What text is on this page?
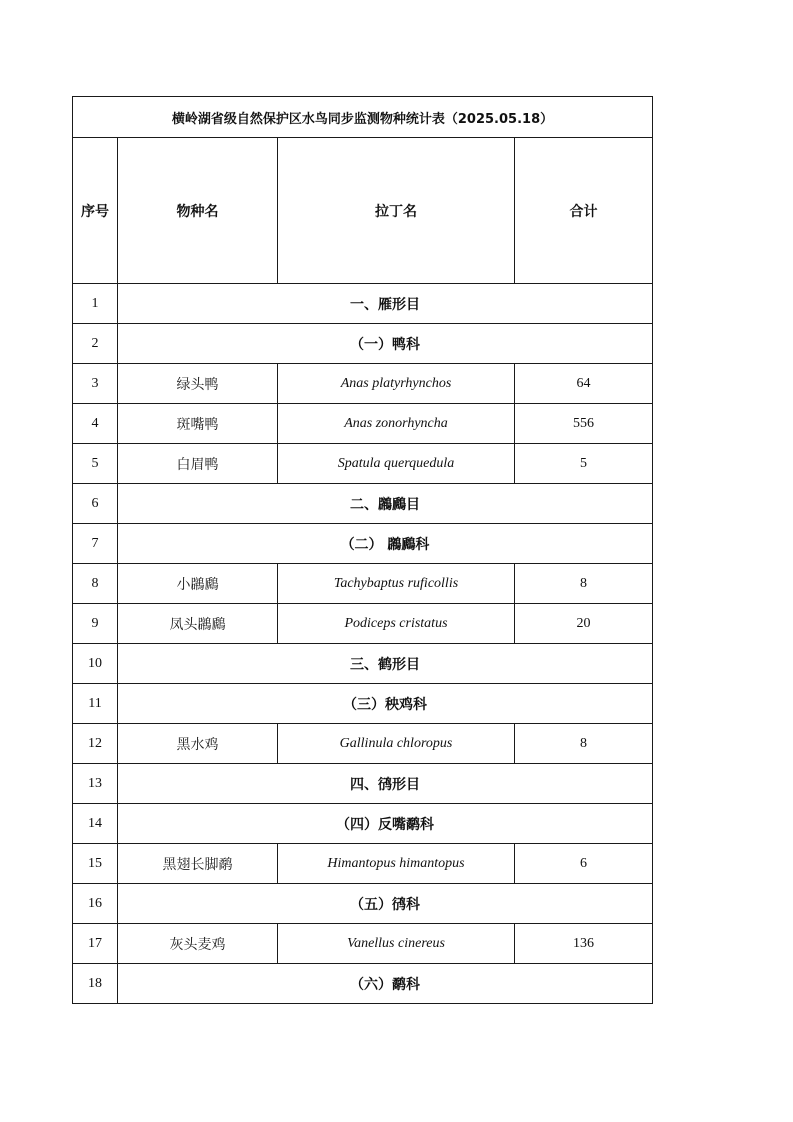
横岭湖省级自然保护区水鸟同步监测物种统计表（2025.05.18）			
序号	物种名	拉丁名	合计
1	一、雁形目		
2	（一）鸭科		
3	绿头鸭	Anas platyrhynchos	64
4	斑嘴鸭	Anas zonorhyncha	556
5	白眉鸭	Spatula querquedula	5
6	二、鸊鷉目		
7	（二） 鸊鷉科		
8	小鸊鷉	Tachybaptus ruficollis	8
9	凤头鸊鷉	Podiceps cristatus	20
10	三、鹤形目		
11	（三）秧鸡科		
12	黑水鸡	Gallinula chloropus	8
13	四、鸻形目		
14	（四）反嘴鹬科		
15	黑翅长脚鹬	Himantopus himantopus	6
16	（五）鸻科		
17	灰头麦鸡	Vanellus cinereus	136
18	（六）鹬科		
